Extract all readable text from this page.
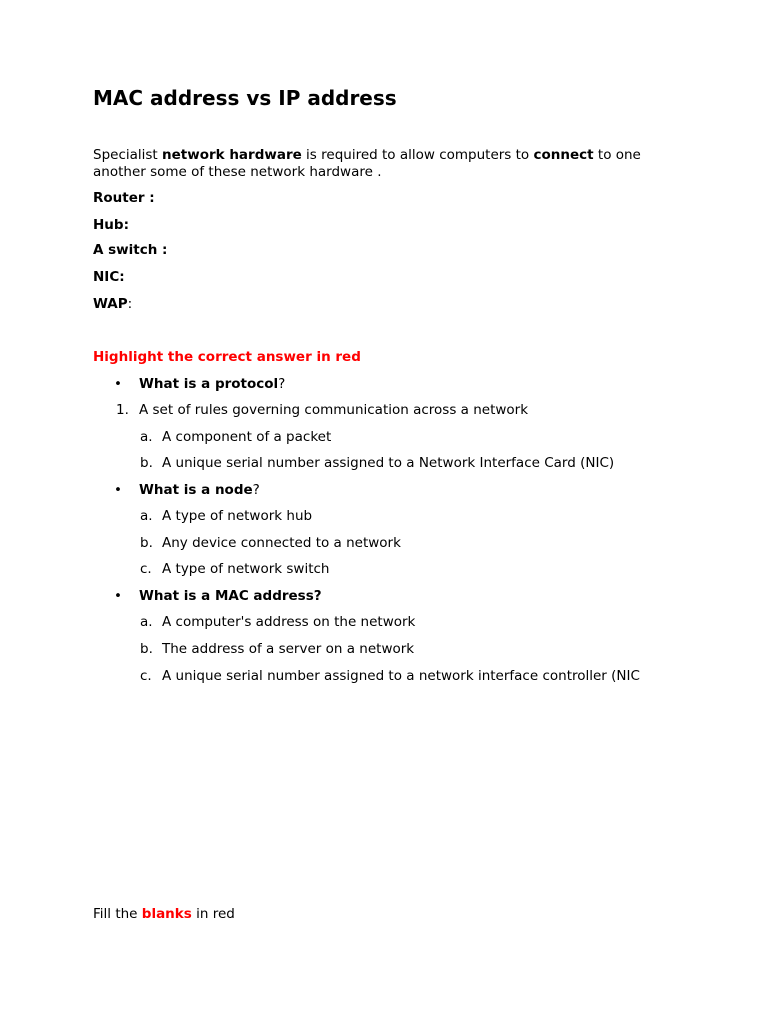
MAC address vs IP address
Specialist network hardware is required to allow computers to connect to one another some of these network hardware .
Router :
Hub:
A switch :
NIC:
WAP:
Highlight the correct answer in red
• What is a protocol?
1. A set of rules governing communication across a network
a. A component of a packet
b. A unique serial number assigned to a Network Interface Card (NIC)
• What is a node?
a. A type of network hub
b. Any device connected to a network
c. A type of network switch
• What is a MAC address?
a. A computer's address on the network
b. The address of a server on a network
c. A unique serial number assigned to a network interface controller (NIC
Fill the blanks in red
